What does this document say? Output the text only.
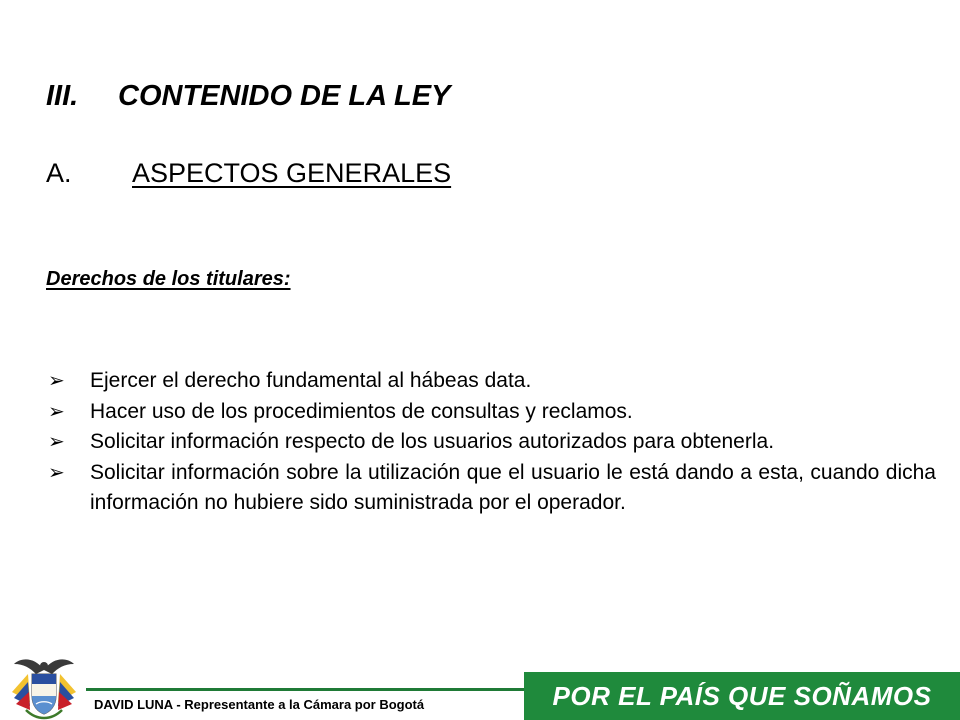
III. CONTENIDO DE LA LEY
A. ASPECTOS GENERALES
Derechos de los titulares:
➢ Ejercer el derecho fundamental al hábeas data.
➢ Hacer uso de los procedimientos de consultas y reclamos.
➢ Solicitar información respecto de los usuarios autorizados para obtenerla.
➢ Solicitar información sobre la utilización que el usuario le está dando a esta, cuando dicha información no hubiere sido suministrada por el operador.
DAVID LUNA - Representante a la Cámara por Bogotá	POR EL PAÍS QUE SOÑAMOS
